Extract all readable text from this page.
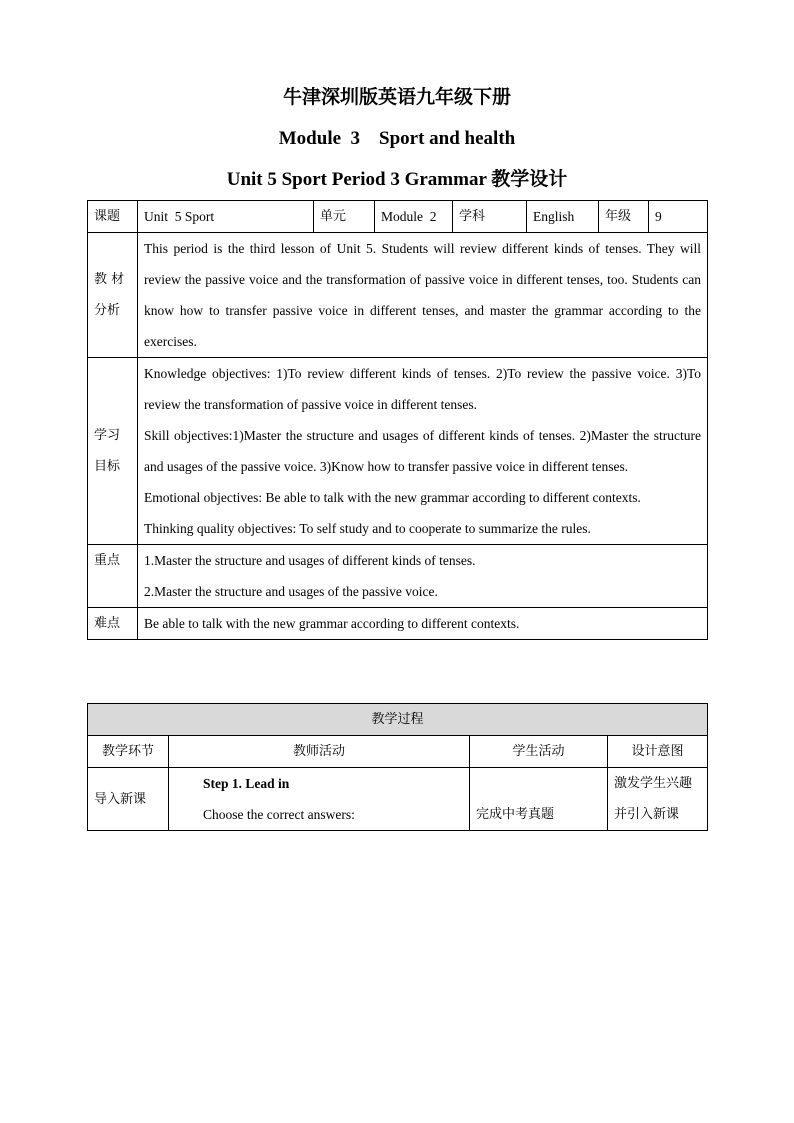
牛津深圳版英语九年级下册

Module  3    Sport and health

Unit 5 Sport Period 3 Grammar 教学设计

课题	Unit  5 Sport	单元	Module  2	学科	English	年级	9
教 材 分析	This period is the third lesson of Unit 5. Students will review different kinds of tenses. They will review the passive voice and the transformation of passive voice in different tenses, too. Students can know how to transfer passive voice in different tenses, and master the grammar according to the exercises.						
学习 目标	Knowledge objectives: 1)To review different kinds of tenses. 2)To review the passive voice. 3)To review the transformation of passive voice in different tenses.

Skill objectives:1)Master the structure and usages of different kinds of tenses. 2)Master the structure and usages of the passive voice. 3)Know how to transfer passive voice in different tenses.

Emotional objectives: Be able to talk with the new grammar according to different contexts.

Thinking quality objectives: To self study and to cooperate to summarize the rules.						

重点	1.Master the structure and usages of different kinds of tenses.

2.Master the structure and usages of the passive voice.						

难点	Be able to talk with the new grammar according to different contexts.						
教学过程			
教学环节	教师活动	学生活动	设计意图
导入新课	Step 1. Lead in
Choose the correct answers:	完成中考真题	激发学生兴趣并引入新课
